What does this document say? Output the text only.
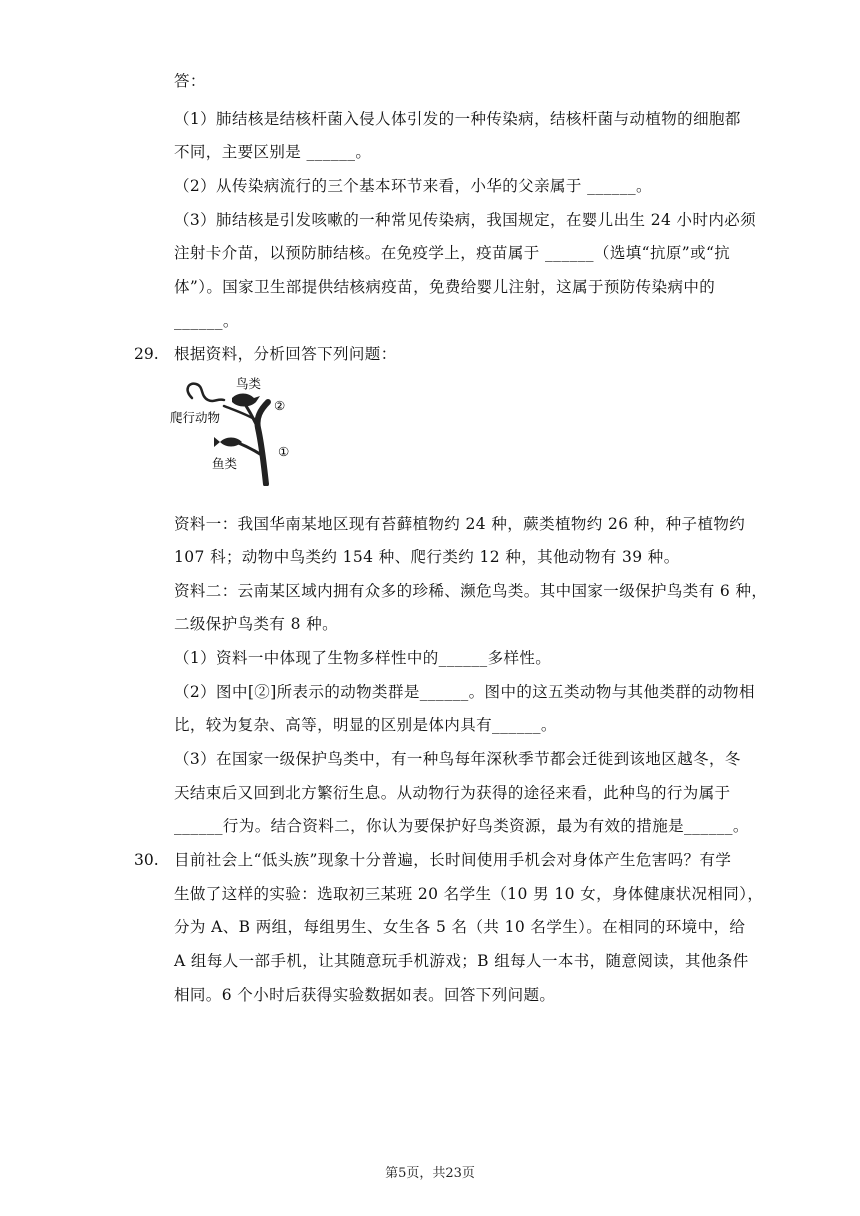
答：
（1）肺结核是结核杆菌入侵人体引发的一种传染病，结核杆菌与动植物的细胞都
不同，主要区别是 ______。
（2）从传染病流行的三个基本环节来看，小华的父亲属于 ______。
（3）肺结核是引发咳嗽的一种常见传染病，我国规定，在婴儿出生 24 小时内必须
注射卡介苗，以预防肺结核。在免疫学上，疫苗属于 ______（选填“抗原”或“抗
体”）。国家卫生部提供结核病疫苗，免费给婴儿注射，这属于预防传染病中的
______。
29. 根据资料，分析回答下列问题：
鸟类
爬行动物
鱼类
②
①
资料一：我国华南某地区现有苔藓植物约 24 种，蕨类植物约 26 种，种子植物约
107 科；动物中鸟类约 154 种、爬行类约 12 种，其他动物有 39 种。
资料二：云南某区域内拥有众多的珍稀、濒危鸟类。其中国家一级保护鸟类有 6 种，
二级保护鸟类有 8 种。
（1）资料一中体现了生物多样性中的______多样性。
（2）图中[②]所表示的动物类群是______。图中的这五类动物与其他类群的动物相
比，较为复杂、高等，明显的区别是体内具有______。
（3）在国家一级保护鸟类中，有一种鸟每年深秋季节都会迁徙到该地区越冬，冬
天结束后又回到北方繁衍生息。从动物行为获得的途径来看，此种鸟的行为属于
______行为。结合资料二，你认为要保护好鸟类资源，最为有效的措施是______。
30. 目前社会上“低头族”现象十分普遍，长时间使用手机会对身体产生危害吗？有学
生做了这样的实验：选取初三某班 20 名学生（10 男 10 女，身体健康状况相同），
分为 A、B 两组，每组男生、女生各 5 名（共 10 名学生）。在相同的环境中，给
A 组每人一部手机，让其随意玩手机游戏；B 组每人一本书，随意阅读，其他条件
相同。6 个小时后获得实验数据如表。回答下列问题。
第5页，共23页
